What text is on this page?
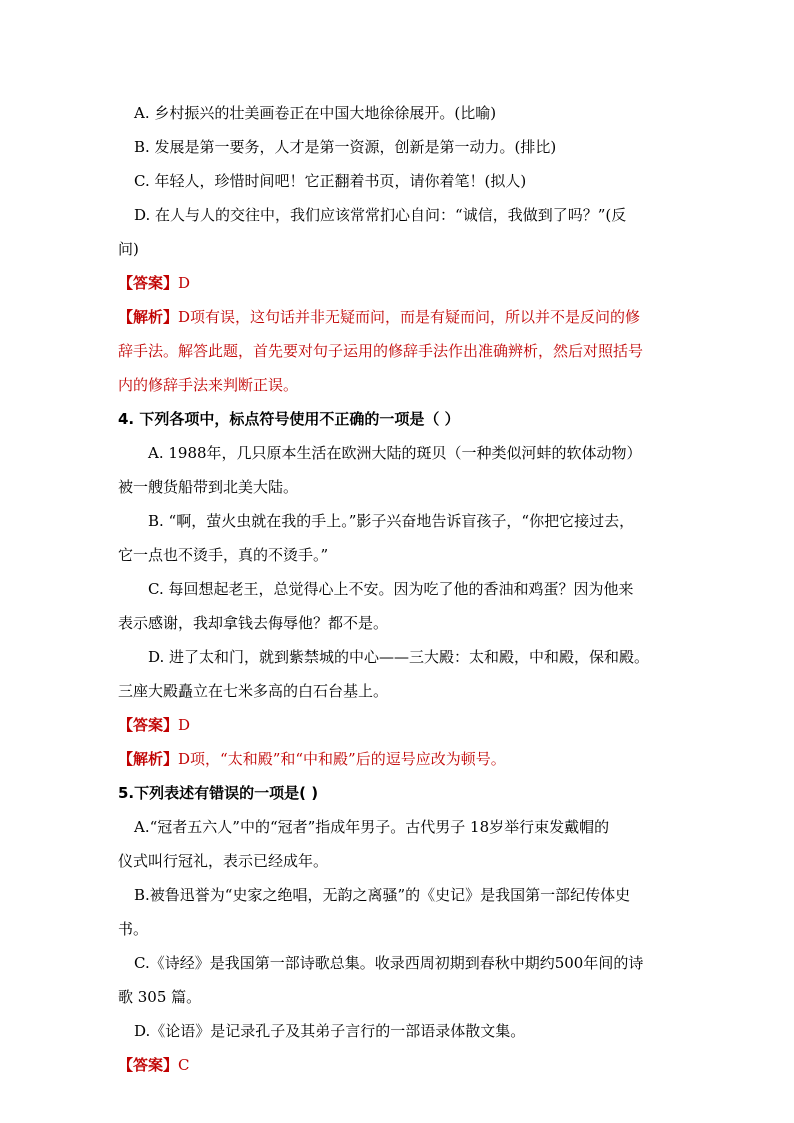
A. 乡村振兴的壮美画卷正在中国大地徐徐展开。(比喻)
B. 发展是第一要务，人才是第一资源，创新是第一动力。(排比)
C. 年轻人，珍惜时间吧！它正翻着书页，请你着笔！(拟人)
D. 在人与人的交往中，我们应该常常扪心自问：“诚信，我做到了吗？”(反
问)
【答案】D
【解析】D项有误，这句话并非无疑而问，而是有疑而问，所以并不是反问的修
辞手法。解答此题，首先要对句子运用的修辞手法作出准确辨析，然后对照括号
内的修辞手法来判断正误。
4. 下列各项中，标点符号使用不正确的一项是（ ）
A. 1988年，几只原本生活在欧洲大陆的斑贝（一种类似河蚌的软体动物）
被一艘货船带到北美大陆。
B. “啊，萤火虫就在我的手上。”影子兴奋地告诉盲孩子，“你把它接过去，
它一点也不烫手，真的不烫手。”
C. 每回想起老王，总觉得心上不安。因为吃了他的香油和鸡蛋？因为他来
表示感谢，我却拿钱去侮辱他？都不是。
D. 进了太和门，就到紫禁城的中心——三大殿：太和殿，中和殿，保和殿。
三座大殿矗立在七米多高的白石台基上。
【答案】D
【解析】D项，“太和殿”和“中和殿”后的逗号应改为顿号。
5.下列表述有错误的一项是( )
A.“冠者五六人”中的“冠者”指成年男子。古代男子 18岁举行束发戴帽的
仪式叫行冠礼，表示已经成年。
B.被鲁迅誉为“史家之绝唱，无韵之离骚”的《史记》是我国第一部纪传体史
书。
C.《诗经》是我国第一部诗歌总集。收录西周初期到春秋中期约500年间的诗
歌 305 篇。
D.《论语》是记录孔子及其弟子言行的一部语录体散文集。
【答案】C
